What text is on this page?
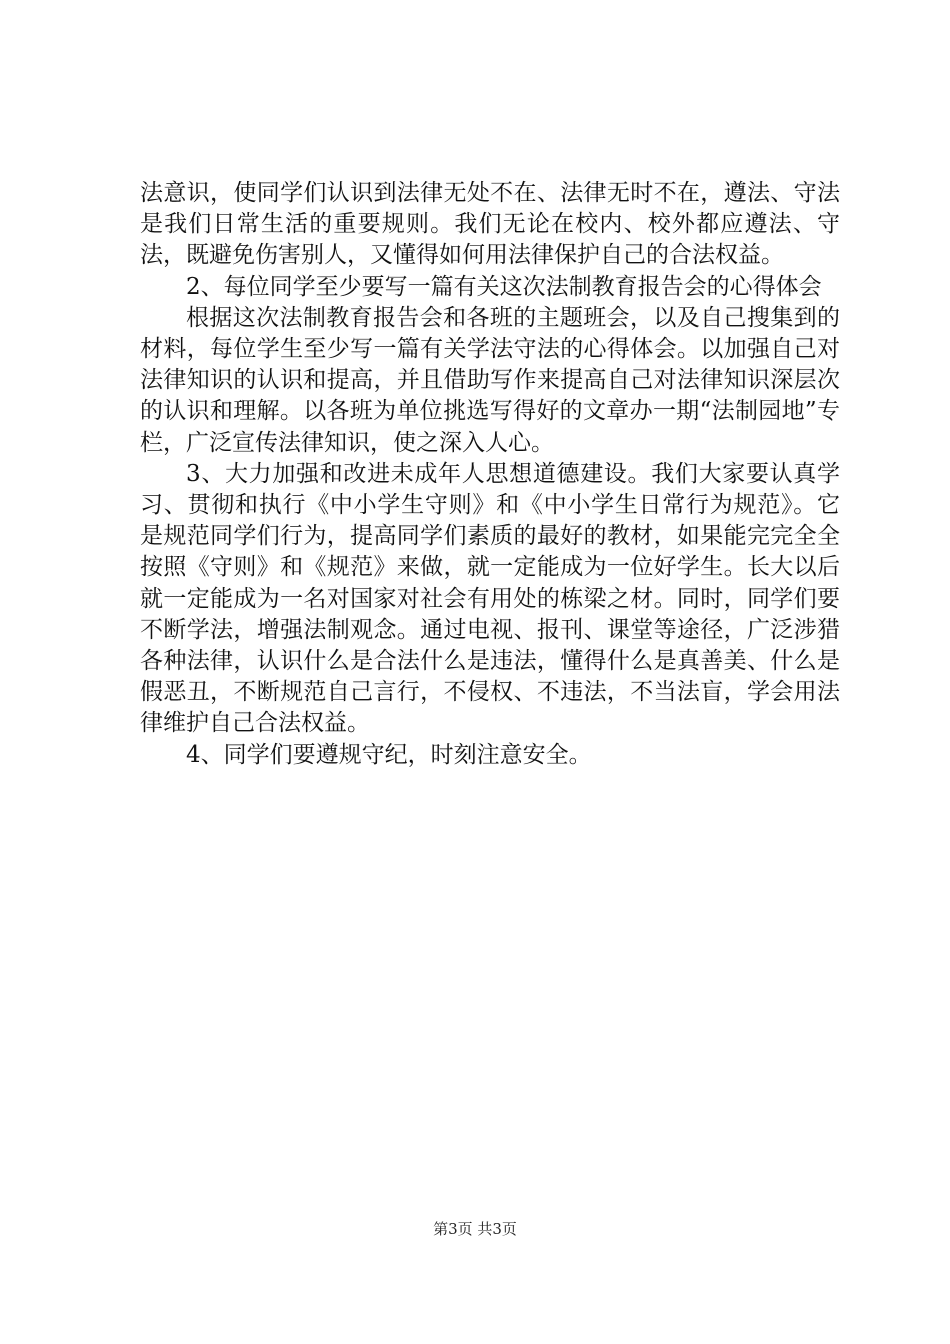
法意识，使同学们认识到法律无处不在、法律无时不在，遵法、守法是我们日常生活的重要规则。我们无论在校内、校外都应遵法、守法，既避免伤害别人，又懂得如何用法律保护自己的合法权益。

2、每位同学至少要写一篇有关这次法制教育报告会的心得体会

根据这次法制教育报告会和各班的主题班会，以及自己搜集到的材料，每位学生至少写一篇有关学法守法的心得体会。以加强自己对法律知识的认识和提高，并且借助写作来提高自己对法律知识深层次的认识和理解。以各班为单位挑选写得好的文章办一期“法制园地”专栏，广泛宣传法律知识，使之深入人心。

3、大力加强和改进未成年人思想道德建设。我们大家要认真学习、贯彻和执行《中小学生守则》和《中小学生日常行为规范》。它是规范同学们行为，提高同学们素质的最好的教材，如果能完完全全按照《守则》和《规范》来做，就一定能成为一位好学生。长大以后就一定能成为一名对国家对社会有用处的栋梁之材。同时，同学们要不断学法，增强法制观念。通过电视、报刊、课堂等途径，广泛涉猎各种法律，认识什么是合法什么是违法，懂得什么是真善美、什么是假恶丑，不断规范自己言行，不侵权、不违法，不当法盲，学会用法律维护自己合法权益。

4、同学们要遵规守纪，时刻注意安全。

第3页 共3页
